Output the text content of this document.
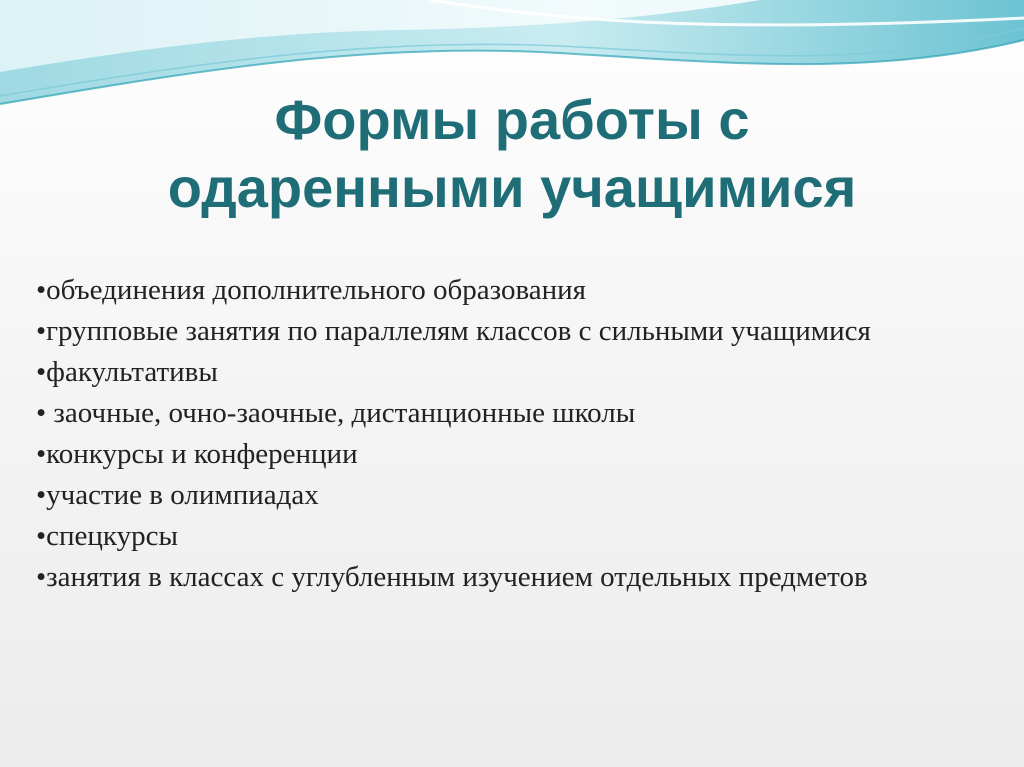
Формы работы с
одаренными учащимися
•объединения дополнительного образования
•групповые занятия по параллелям классов с сильными учащимися
•факультативы
• заочные, очно-заочные, дистанционные школы
•конкурсы и конференции
•участие в олимпиадах
•спецкурсы
•занятия в классах с углубленным изучением отдельных предметов
